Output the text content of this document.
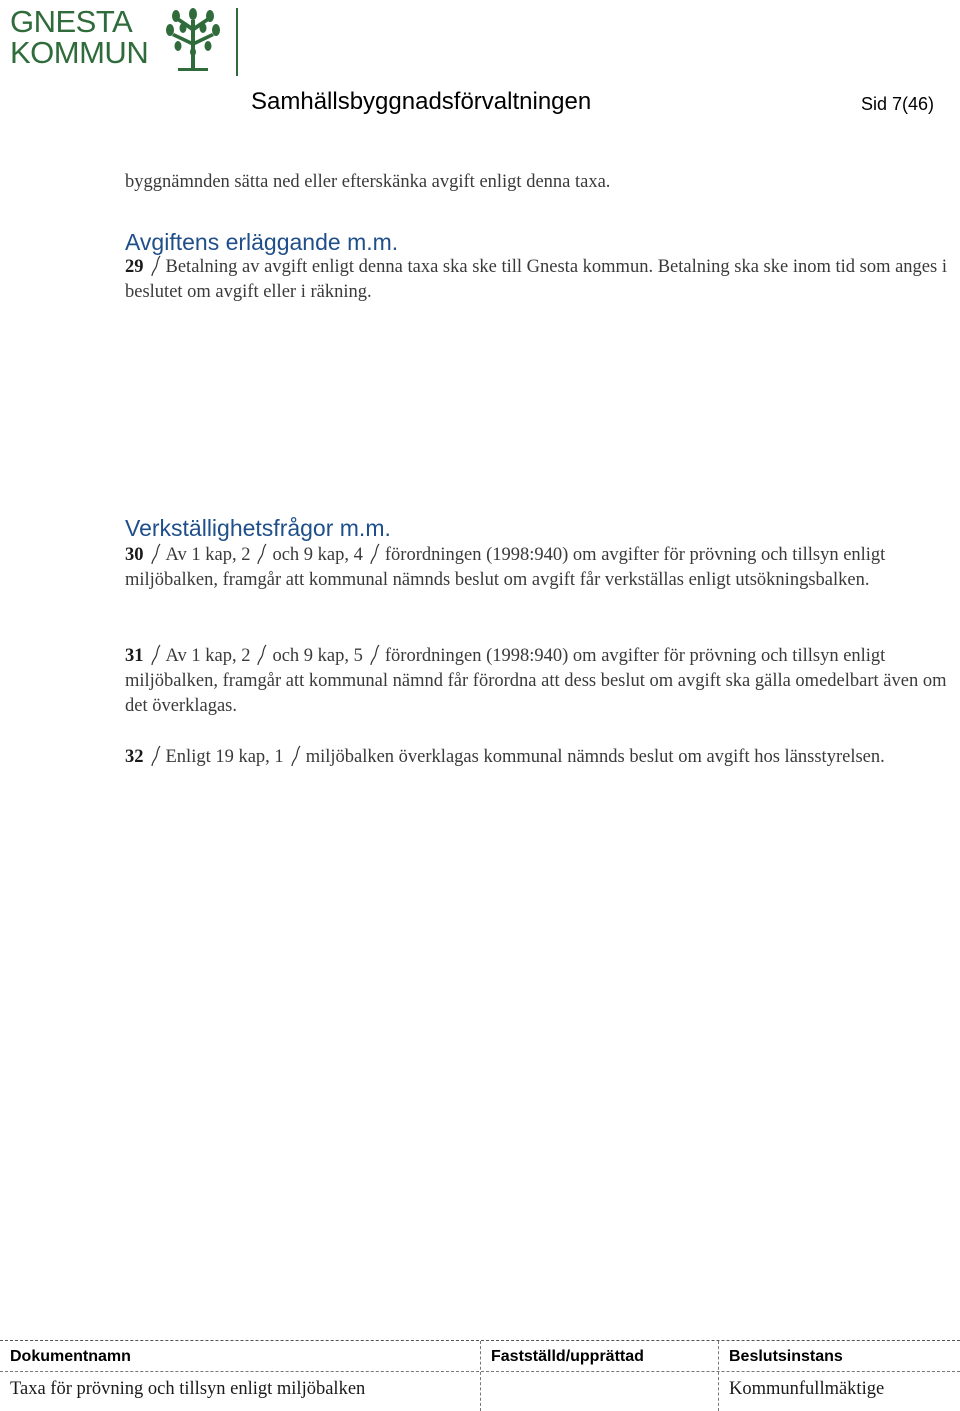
GNESTA
KOMMUN
Samhällsbyggnadsförvaltningen	Sid 7(46)
byggnämnden sätta ned eller efterskänka avgift enligt denna taxa.
Avgiftens erläggande m.m.
29 Betalning av avgift enligt denna taxa ska ske till Gnesta kommun. Betalning ska ske inom tid som anges i beslutet om avgift eller i räkning.
Verkställighetsfrågor m.m.
30 Av 1 kap, 2 och 9 kap, 4 förordningen (1998:940) om avgifter för prövning och tillsyn enligt miljöbalken, framgår att kommunal nämnds beslut om avgift får verkställas enligt utsökningsbalken.
31 Av 1 kap, 2 och 9 kap, 5 förordningen (1998:940) om avgifter för prövning och tillsyn enligt miljöbalken, framgår att kommunal nämnd får förordna att dess beslut om avgift ska gälla omedelbart även om det överklagas.
32 Enligt 19 kap, 1 miljöbalken överklagas kommunal nämnds beslut om avgift hos länsstyrelsen.
Dokumentnamn
Taxa för prövning och tillsyn enligt miljöbalken
Fastställd/upprättad	Beslutsinstans
Kommunfullmäktige
